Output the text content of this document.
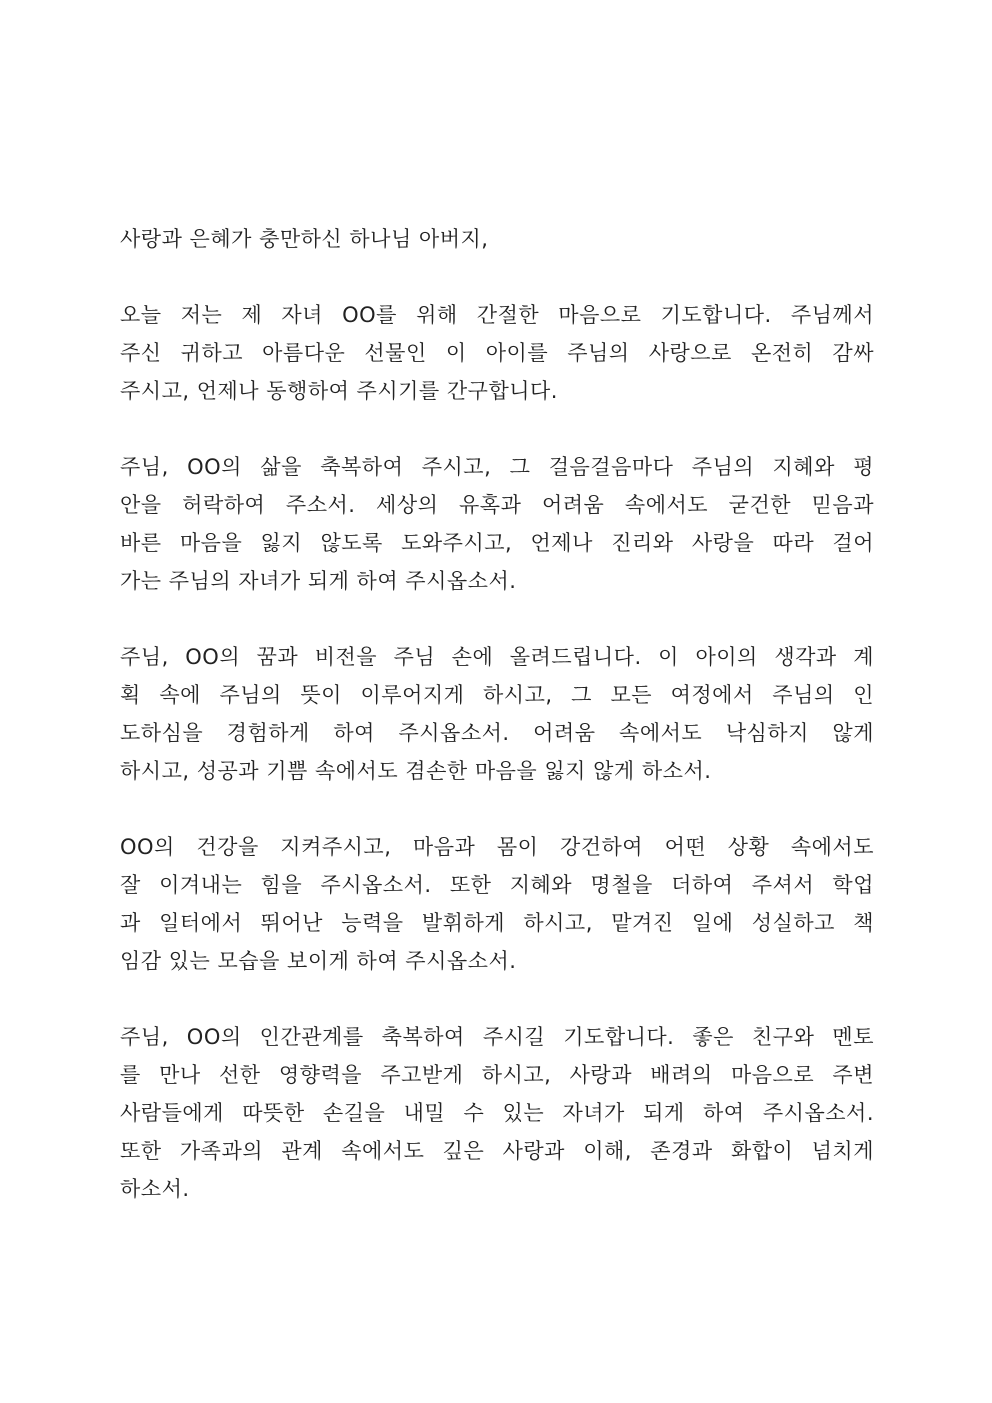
사랑과 은혜가 충만하신 하나님 아버지,
오늘 저는 제 자녀 OO를 위해 간절한 마음으로 기도합니다. 주님께서
주신 귀하고 아름다운 선물인 이 아이를 주님의 사랑으로 온전히 감싸
주시고, 언제나 동행하여 주시기를 간구합니다.
주님, OO의 삶을 축복하여 주시고, 그 걸음걸음마다 주님의 지혜와 평
안을 허락하여 주소서. 세상의 유혹과 어려움 속에서도 굳건한 믿음과
바른 마음을 잃지 않도록 도와주시고, 언제나 진리와 사랑을 따라 걸어
가는 주님의 자녀가 되게 하여 주시옵소서.
주님, OO의 꿈과 비전을 주님 손에 올려드립니다. 이 아이의 생각과 계
획 속에 주님의 뜻이 이루어지게 하시고, 그 모든 여정에서 주님의 인
도하심을 경험하게 하여 주시옵소서. 어려움 속에서도 낙심하지 않게
하시고, 성공과 기쁨 속에서도 겸손한 마음을 잃지 않게 하소서.
OO의 건강을 지켜주시고, 마음과 몸이 강건하여 어떤 상황 속에서도
잘 이겨내는 힘을 주시옵소서. 또한 지혜와 명철을 더하여 주셔서 학업
과 일터에서 뛰어난 능력을 발휘하게 하시고, 맡겨진 일에 성실하고 책
임감 있는 모습을 보이게 하여 주시옵소서.
주님, OO의 인간관계를 축복하여 주시길 기도합니다. 좋은 친구와 멘토
를 만나 선한 영향력을 주고받게 하시고, 사랑과 배려의 마음으로 주변
사람들에게 따뜻한 손길을 내밀 수 있는 자녀가 되게 하여 주시옵소서.
또한 가족과의 관계 속에서도 깊은 사랑과 이해, 존경과 화합이 넘치게
하소서.
